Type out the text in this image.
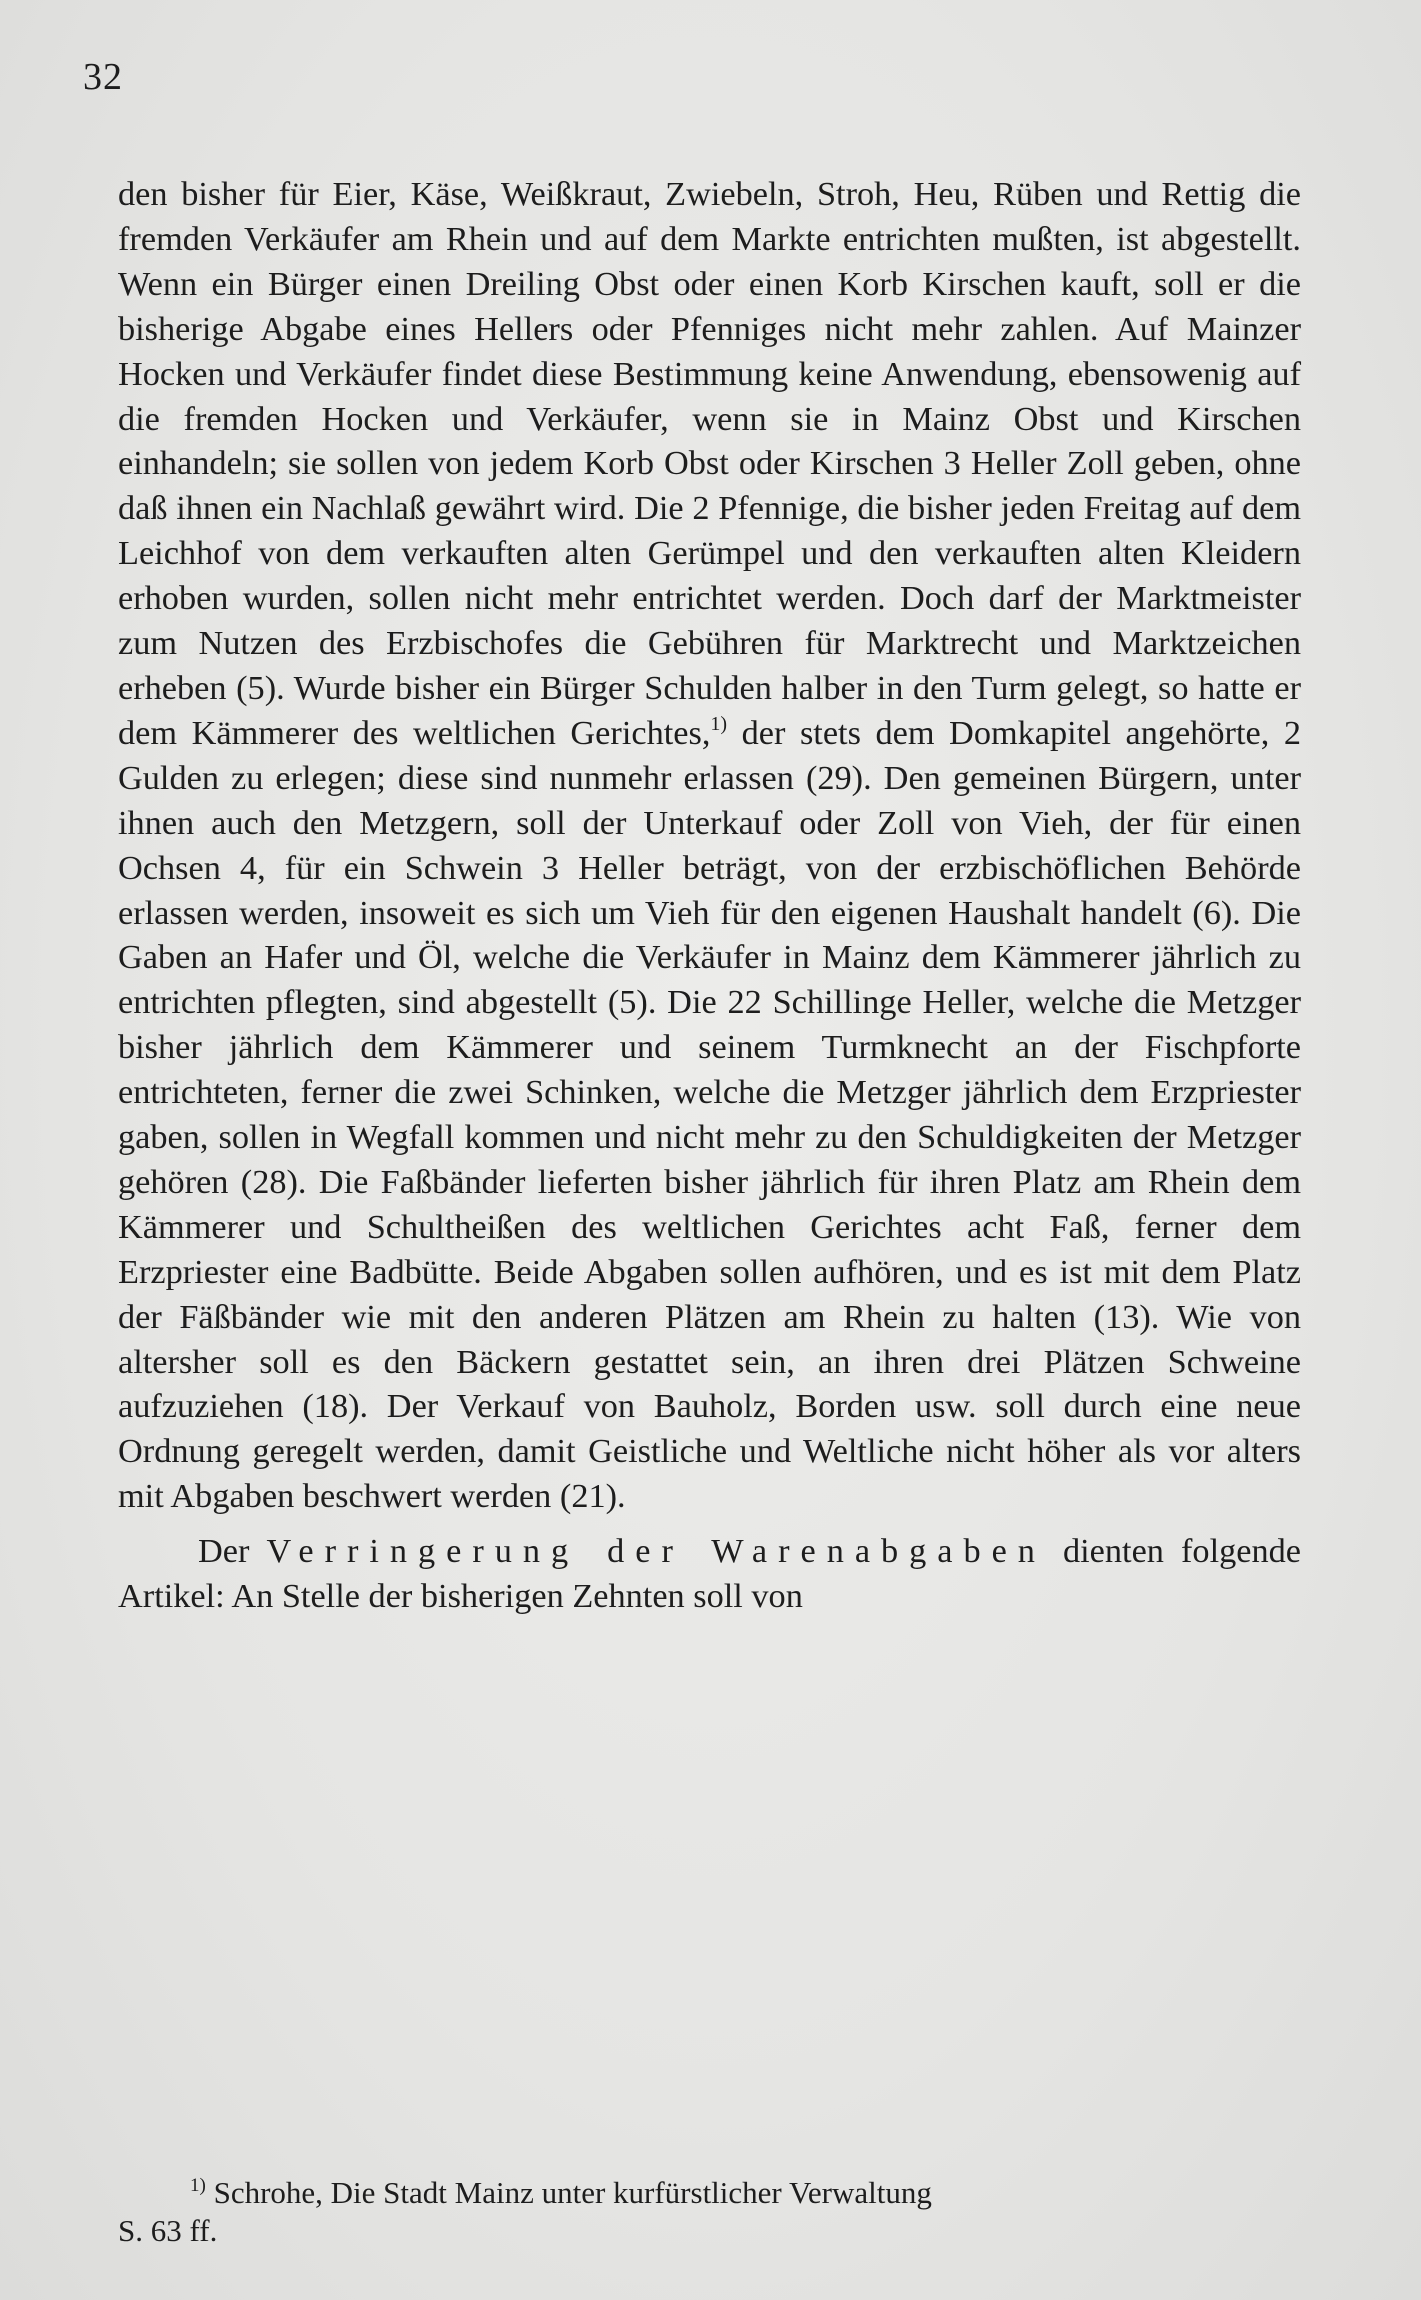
32

den bisher für Eier, Käse, Weißkraut, Zwiebeln, Stroh, Heu, Rüben und Rettig die fremden Verkäufer am Rhein und auf dem Markte entrichten mußten, ist abgestellt. Wenn ein Bürger einen Dreiling Obst oder einen Korb Kirschen kauft, soll er die bisherige Abgabe eines Hellers oder Pfenniges nicht mehr zahlen. Auf Mainzer Hocken und Verkäufer findet diese Bestimmung keine Anwendung, ebensowenig auf die fremden Hocken und Verkäufer, wenn sie in Mainz Obst und Kirschen einhandeln; sie sollen von jedem Korb Obst oder Kirschen 3 Heller Zoll geben, ohne daß ihnen ein Nachlaß gewährt wird. Die 2 Pfennige, die bisher jeden Freitag auf dem Leichhof von dem verkauften alten Gerümpel und den verkauften alten Kleidern erhoben wurden, sollen nicht mehr entrichtet werden. Doch darf der Marktmeister zum Nutzen des Erzbischofes die Gebühren für Marktrecht und Marktzeichen erheben (5). Wurde bisher ein Bürger Schulden halber in den Turm gelegt, so hatte er dem Kämmerer des weltlichen Gerichtes,$^{1)}$ der stets dem Domkapitel angehörte, 2 Gulden zu erlegen; diese sind nunmehr erlassen (29). Den gemeinen Bürgern, unter ihnen auch den Metzgern, soll der Unterkauf oder Zoll von Vieh, der für einen Ochsen 4, für ein Schwein 3 Heller beträgt, von der erzbischöflichen Behörde erlassen werden, insoweit es sich um Vieh für den eigenen Haushalt handelt (6). Die Gaben an Hafer und Öl, welche die Verkäufer in Mainz dem Kämmerer jährlich zu entrichten pflegten, sind abgestellt (5). Die 22 Schillinge Heller, welche die Metzger bisher jährlich dem Kämmerer und seinem Turmknecht an der Fischpforte entrichteten, ferner die zwei Schinken, welche die Metzger jährlich dem Erzpriester gaben, sollen in Wegfall kommen und nicht mehr zu den Schuldigkeiten der Metzger gehören (28). Die Faßbänder lieferten bisher jährlich für ihren Platz am Rhein dem Kämmerer und Schultheißen des weltlichen Gerichtes acht Faß, ferner dem Erzpriester eine Badbütte. Beide Abgaben sollen aufhören, und es ist mit dem Platz der Fäßbänder wie mit den anderen Plätzen am Rhein zu halten (13). Wie von altersher soll es den Bäckern gestattet sein, an ihren drei Plätzen Schweine aufzuziehen (18). Der Verkauf von Bauholz, Borden usw. soll durch eine neue Ordnung geregelt werden, damit Geistliche und Weltliche nicht höher als vor alters mit Abgaben beschwert werden (21).

Der Verringerung der Warenabgaben dienten folgende Artikel: An Stelle der bisherigen Zehnten soll von

$^{1)}$ Schrohe, Die Stadt Mainz unter kurfürstlicher Verwaltung
S. 63 ff.
